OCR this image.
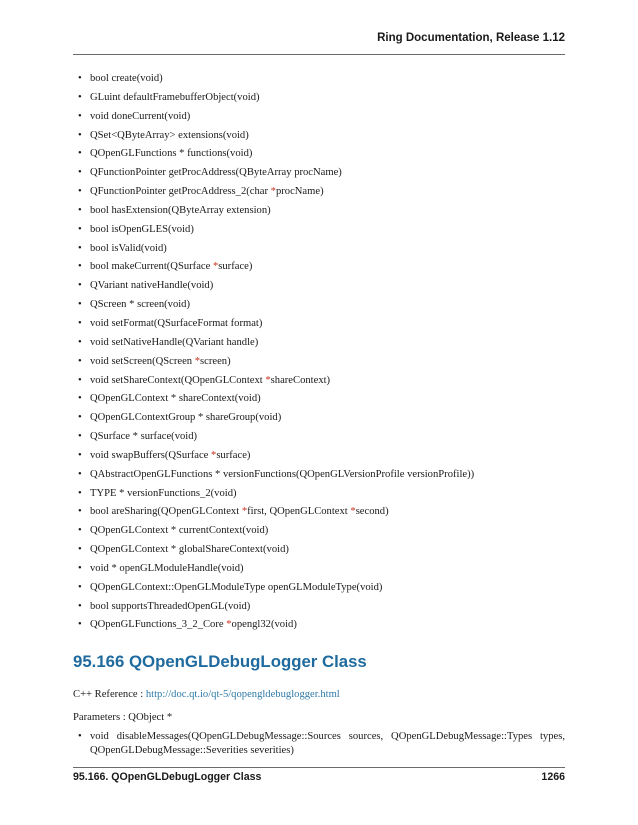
Ring Documentation, Release 1.12
• bool create(void)
• GLuint defaultFramebufferObject(void)
• void doneCurrent(void)
• QSet<QByteArray> extensions(void)
• QOpenGLFunctions * functions(void)
• QFunctionPointer getProcAddress(QByteArray procName)
• QFunctionPointer getProcAddress_2(char *procName)
• bool hasExtension(QByteArray extension)
• bool isOpenGLES(void)
• bool isValid(void)
• bool makeCurrent(QSurface *surface)
• QVariant nativeHandle(void)
• QScreen * screen(void)
• void setFormat(QSurfaceFormat format)
• void setNativeHandle(QVariant handle)
• void setScreen(QScreen *screen)
• void setShareContext(QOpenGLContext *shareContext)
• QOpenGLContext * shareContext(void)
• QOpenGLContextGroup * shareGroup(void)
• QSurface * surface(void)
• void swapBuffers(QSurface *surface)
• QAbstractOpenGLFunctions * versionFunctions(QOpenGLVersionProfile versionProfile))
• TYPE * versionFunctions_2(void)
• bool areSharing(QOpenGLContext *first, QOpenGLContext *second)
• QOpenGLContext * currentContext(void)
• QOpenGLContext * globalShareContext(void)
• void * openGLModuleHandle(void)
• QOpenGLContext::OpenGLModuleType openGLModuleType(void)
• bool supportsThreadedOpenGL(void)
• QOpenGLFunctions_3_2_Core *opengl32(void)
95.166 QOpenGLDebugLogger Class
C++ Reference : http://doc.qt.io/qt-5/qopengldebuglogger.html
Parameters : QObject *
• void disableMessages(QOpenGLDebugMessage::Sources sources, QOpenGLDebugMessage::Types types, QOpenGLDebugMessage::Severities severities)
95.166. QOpenGLDebugLogger Class	1266
